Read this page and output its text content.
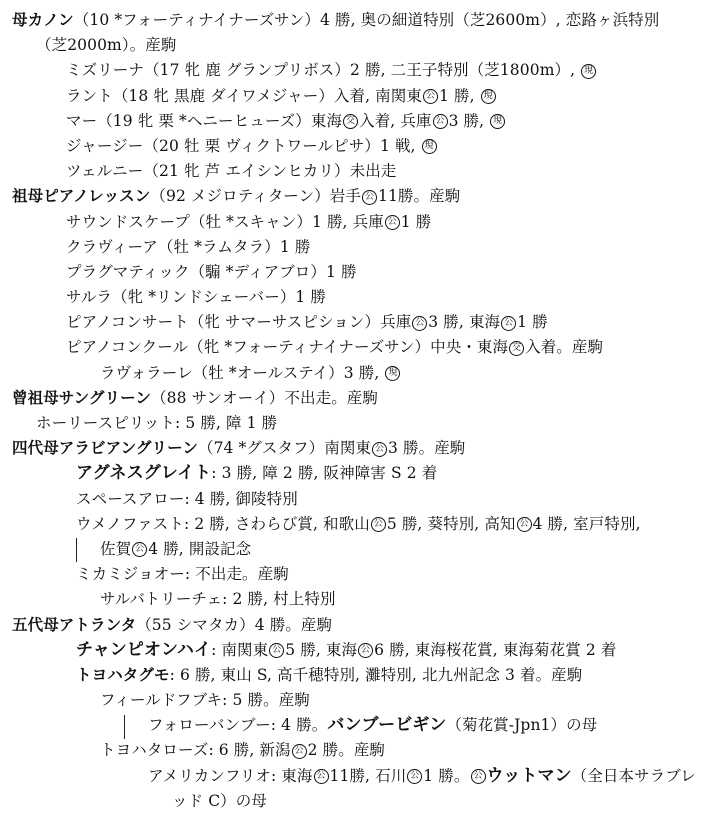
母カノン（10 *フォーティナイナーズサン）4 勝, 奥の細道特別（芝2600m）, 恋路ヶ浜特別
（芝2000m）。産駒
ミズリーナ（17 牝 鹿 グランプリボス）2 勝, 二王子特別（芝1800m）, 現
ラント（18 牝 黒鹿 ダイワメジャー）入着, 南関東 公 1 勝, 現
マー（19 牝 栗 *ヘニーヒューズ）東海 交 入着, 兵庫 公 3 勝, 現
ジャージー（20 牡 栗 ヴィクトワールピサ）1 戦, 現
ツェルニー（21 牝 芦 エイシンヒカリ）未出走
祖母ピアノレッスン（92 メジロティターン）岩手 公 11勝。産駒
サウンドスケープ（牡 *スキャン）1 勝, 兵庫 公 1 勝
クラヴィーア（牡 *ラムタラ）1 勝
プラグマティック（騸 *ディアブロ）1 勝
サルラ（牝 *リンドシェーバー）1 勝
ピアノコンサート（牝 サマーサスピション）兵庫 公 3 勝, 東海 公 1 勝
ピアノコンクール（牝 *フォーティナイナーズサン）中央・東海 交 入着。産駒
ラヴォラーレ（牡 *オールステイ）3 勝, 現
曾祖母サングリーン（88 サンオーイ）不出走。産駒
ホーリースピリット: 5 勝, 障 1 勝
四代母アラビアングリーン（74 *グスタフ）南関東 公 3 勝。産駒
アグネスグレイト: 3 勝, 障 2 勝, 阪神障害 S 2 着
スペースアロー: 4 勝, 御陵特別
ウメノファスト: 2 勝, さわらび賞, 和歌山 公 5 勝, 葵特別, 高知 公 4 勝, 室戸特別,
佐賀 公 4 勝, 開設記念
ミカミジョオー: 不出走。産駒
サルバトリーチェ: 2 勝, 村上特別
五代母アトランタ（55 シマタカ）4 勝。産駒
チャンピオンハイ: 南関東 公 5 勝, 東海 公 6 勝, 東海桜花賞, 東海菊花賞 2 着
トヨハタグモ: 6 勝, 東山 S, 高千穂特別, 灘特別, 北九州記念 3 着。産駒
フィールドフブキ: 5 勝。産駒
フォローバンブー: 4 勝。バンブービギン（菊花賞-Jpn1）の母
トヨハタローズ: 6 勝, 新潟 公 2 勝。産駒
アメリカンフリオ: 東海 公 11勝, 石川 公 1 勝。 公 ウットマン（全日本サラブレ
ッド C）の母
